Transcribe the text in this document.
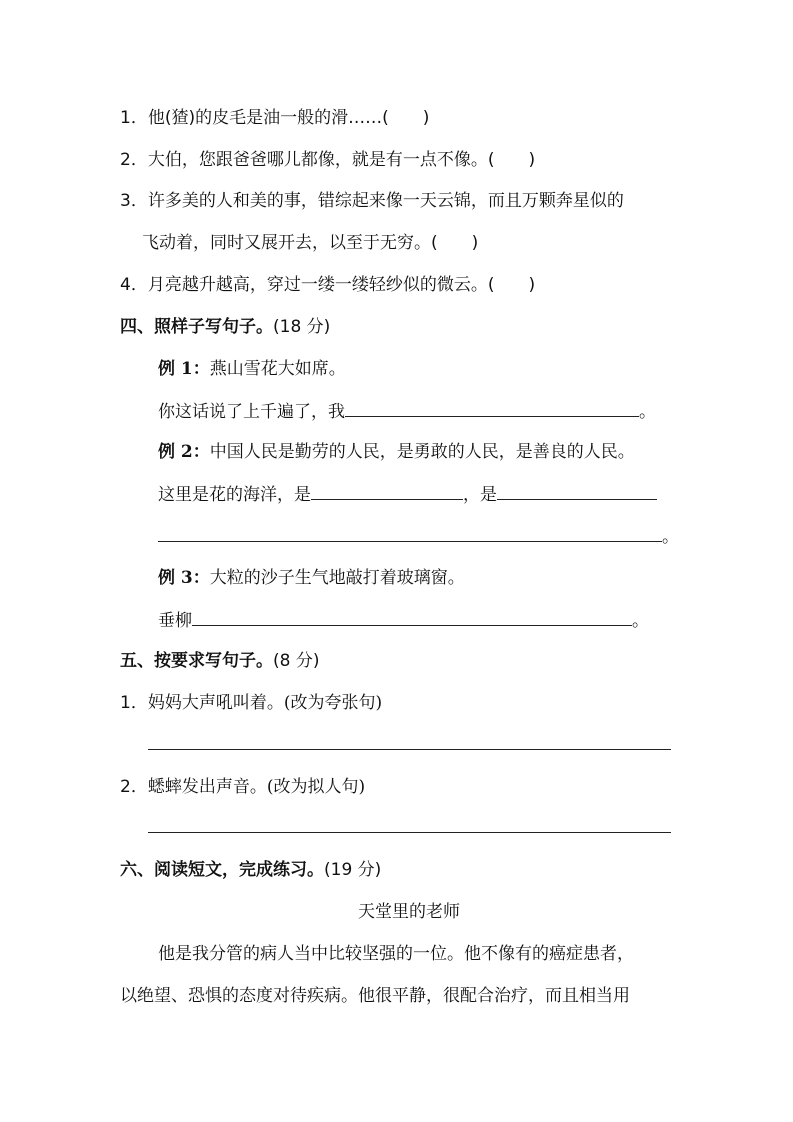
1．他(猹)的皮毛是油一般的滑……(　　)
2．大伯，您跟爸爸哪儿都像，就是有一点不像。(　　)
3．许多美的人和美的事，错综起来像一天云锦，而且万颗奔星似的
飞动着，同时又展开去，以至于无穷。(　　)
4．月亮越升越高，穿过一缕一缕轻纱似的微云。(　　)
四、照样子写句子。(18 分)
例 1：燕山雪花大如席。
你这话说了上千遍了，我	。
例 2：中国人民是勤劳的人民，是勇敢的人民，是善良的人民。
这里是花的海洋，是	，是
。
例 3：大粒的沙子生气地敲打着玻璃窗。
垂柳	。
五、按要求写句子。(8 分)
1．妈妈大声吼叫着。(改为夸张句)
2．蟋蟀发出声音。(改为拟人句)
六、阅读短文，完成练习。(19 分)
天堂里的老师
他是我分管的病人当中比较坚强的一位。他不像有的癌症患者，
以绝望、恐惧的态度对待疾病。他很平静，很配合治疗，而且相当用
